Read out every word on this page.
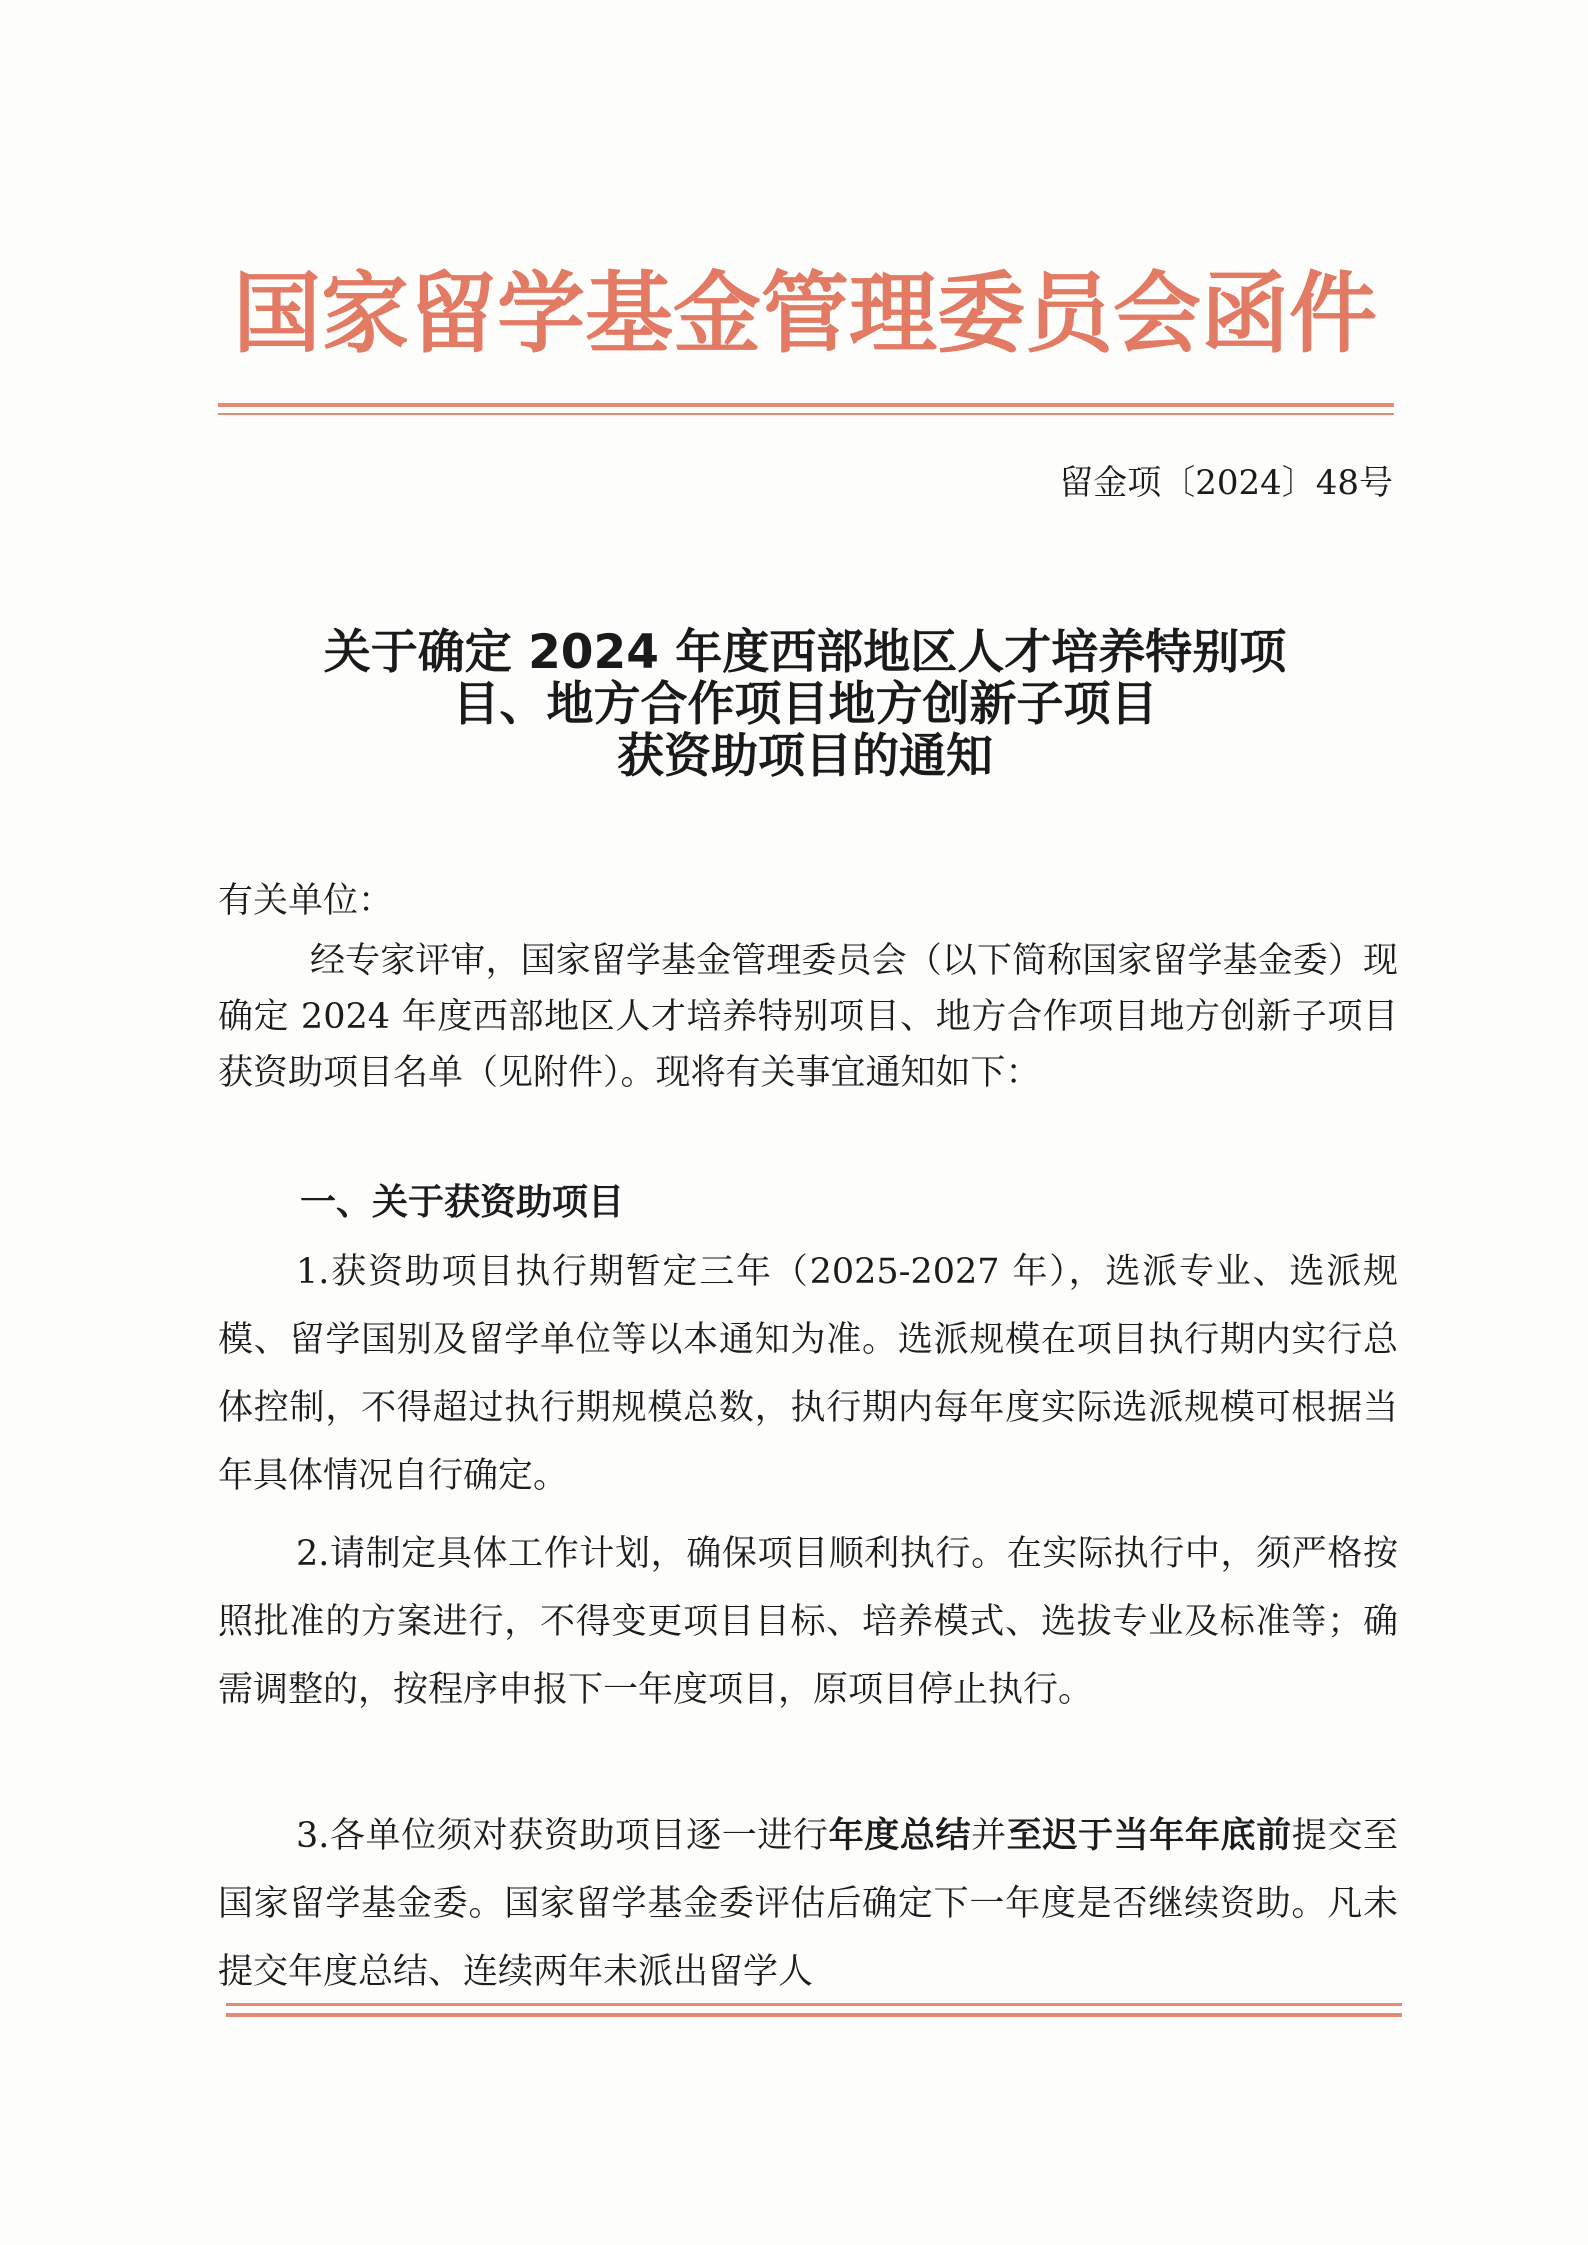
国家留学基金管理委员会函件
留金项〔2024〕48号
关于确定 2024 年度西部地区人才培养特别项
目、地方合作项目地方创新子项目
获资助项目的通知
有关单位：
经专家评审，国家留学基金管理委员会（以下简称国家留学基金委）现确定 2024 年度西部地区人才培养特别项目、地方合作项目地方创新子项目获资助项目名单（见附件）。现将有关事宜通知如下：
一、关于获资助项目
1.获资助项目执行期暂定三年（2025-2027 年），选派专业、选派规模、留学国别及留学单位等以本通知为准。选派规模在项目执行期内实行总体控制，不得超过执行期规模总数，执行期内每年度实际选派规模可根据当年具体情况自行确定。
2.请制定具体工作计划，确保项目顺利执行。在实际执行中，须严格按照批准的方案进行，不得变更项目目标、培养模式、选拔专业及标准等；确需调整的，按程序申报下一年度项目，原项目停止执行。
3.各单位须对获资助项目逐一进行年度总结并至迟于当年年底前提交至国家留学基金委。国家留学基金委评估后确定下一年度是否继续资助。凡未提交年度总结、连续两年未派出留学人
